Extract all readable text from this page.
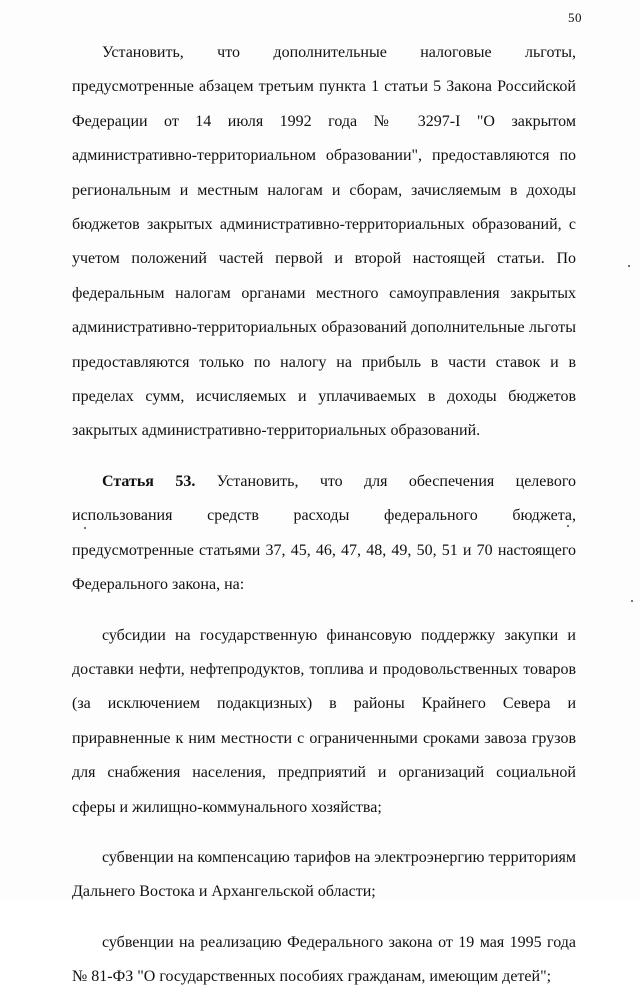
50

Установить, что дополнительные налоговые льготы, предусмотренные абзацем третьим пункта 1 статьи 5 Закона Российской Федерации от 14 июля 1992 года № 3297-I "О закрытом административно-территориальном образовании", предоставляются по региональным и местным налогам и сборам, зачисляемым в доходы бюджетов закрытых административно-территориальных образований, с учетом положений частей первой и второй настоящей статьи. По федеральным налогам органами местного самоуправления закрытых административно-территориальных образований дополнительные льготы предоставляются только по налогу на прибыль в части ставок и в пределах сумм, исчисляемых и уплачиваемых в доходы бюджетов закрытых административно-территориальных образований.

Статья 53. Установить, что для обеспечения целевого использования средств расходы федерального бюджета, предусмотренные статьями 37, 45, 46, 47, 48, 49, 50, 51 и 70 настоящего Федерального закона, на:

субсидии на государственную финансовую поддержку закупки и доставки нефти, нефтепродуктов, топлива и продовольственных товаров (за исключением подакцизных) в районы Крайнего Севера и приравненные к ним местности с ограниченными сроками завоза грузов для снабжения населения, предприятий и организаций социальной сферы и жилищно-коммунального хозяйства;

субвенции на компенсацию тарифов на электроэнергию территориям Дальнего Востока и Архангельской области;

субвенции на реализацию Федерального закона от 19 мая 1995 года № 81-ФЗ "О государственных пособиях гражданам, имеющим детей";
